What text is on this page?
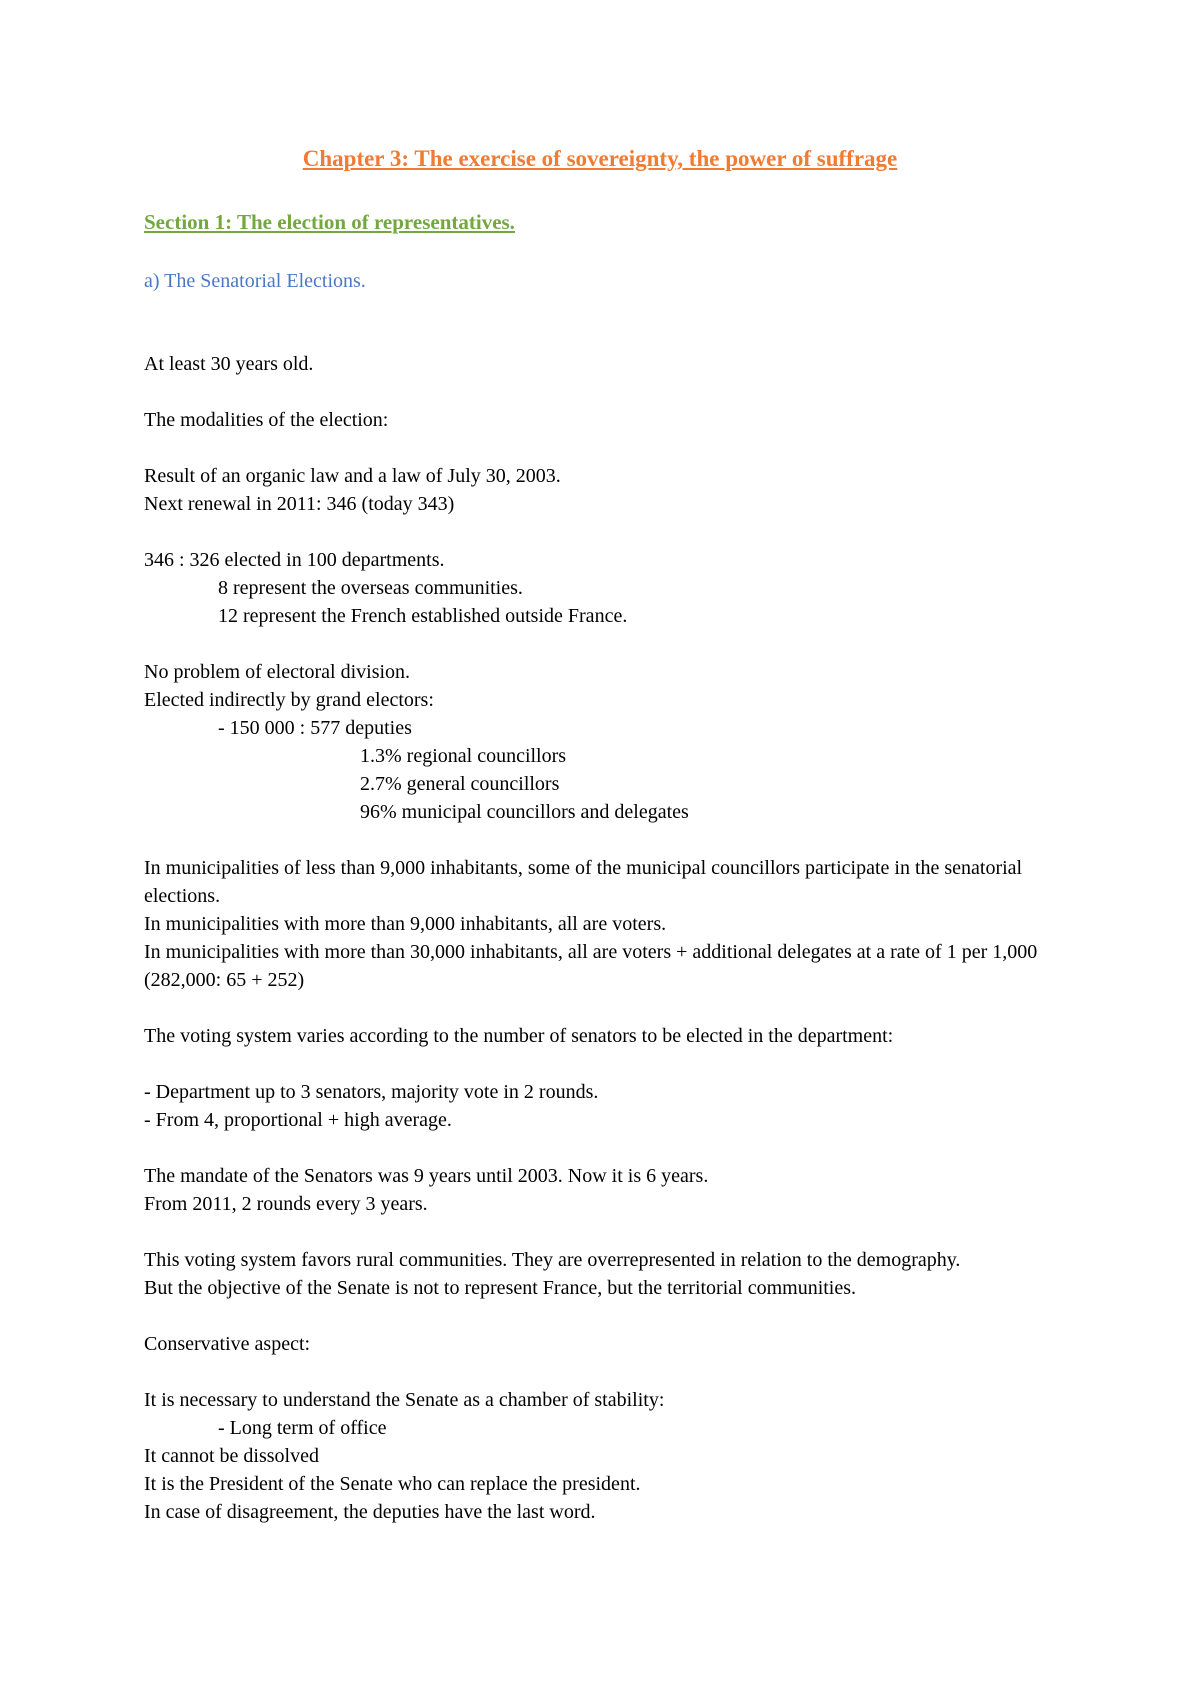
Chapter 3: The exercise of sovereignty, the power of suffrage
Section 1: The election of representatives.
a) The Senatorial Elections.
At least 30 years old.
The modalities of the election:
Result of an organic law and a law of July 30, 2003.
Next renewal in 2011: 346 (today 343)
346 : 326 elected in 100 departments.
8 represent the overseas communities.
12 represent the French established outside France.
No problem of electoral division.
Elected indirectly by grand electors:
- 150 000 : 577 deputies
1.3% regional councillors
2.7% general councillors
96% municipal councillors and delegates
In municipalities of less than 9,000 inhabitants, some of the municipal councillors participate in the senatorial elections.
In municipalities with more than 9,000 inhabitants, all are voters.
In municipalities with more than 30,000 inhabitants, all are voters + additional delegates at a rate of 1 per 1,000 (282,000: 65 + 252)
The voting system varies according to the number of senators to be elected in the department:
- Department up to 3 senators, majority vote in 2 rounds.
- From 4, proportional + high average.
The mandate of the Senators was 9 years until 2003. Now it is 6 years.
From 2011, 2 rounds every 3 years.
This voting system favors rural communities. They are overrepresented in relation to the demography.
But the objective of the Senate is not to represent France, but the territorial communities.
Conservative aspect:
It is necessary to understand the Senate as a chamber of stability:
- Long term of office
It cannot be dissolved
It is the President of the Senate who can replace the president.
In case of disagreement, the deputies have the last word.
